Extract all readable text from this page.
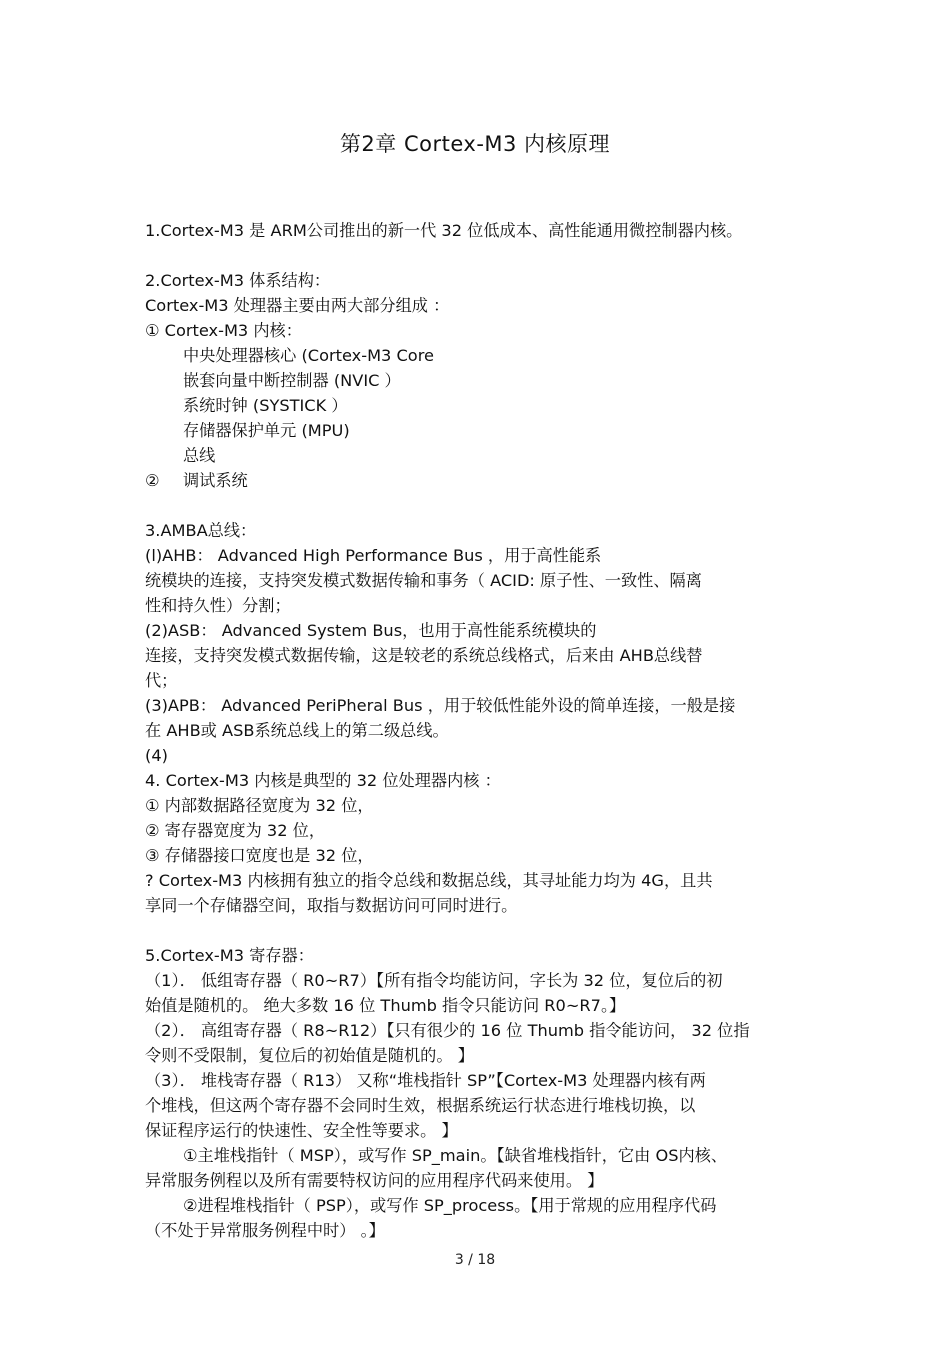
第2章 Cortex-M3 内核原理

1.Cortex-M3 是 ARM公司推出的新一代 32 位低成本、高性能通用微控制器内核。

2.Cortex-M3 体系结构：

Cortex-M3 处理器主要由两大部分组成 ：

① Cortex-M3 内核：

中央处理器核心 (Cortex-M3 Core

嵌套向量中断控制器 (NVIC ）

系统时钟 (SYSTICK ）

存储器保护单元 (MPU)

总线

② 调试系统

3.AMBA总线：

(l)AHB： Advanced High Performance Bus ，用于高性能系

统模块的连接，支持突发模式数据传输和事务（ ACID: 原子性、一致性、隔离

性和持久性）分割；

(2)ASB： Advanced System Bus，也用于高性能系统模块的

连接，支持突发模式数据传输，这是较老的系统总线格式，后来由 AHB总线替

代；

(3)APB： Advanced PeriPheral Bus ，用于较低性能外设的简单连接，一般是接

在 AHB或 ASB系统总线上的第二级总线。

(4)

4. Cortex-M3 内核是典型的 32 位处理器内核 ：

① 内部数据路径宽度为 32 位，

② 寄存器宽度为 32 位，

③ 存储器接口宽度也是 32 位，

? Cortex-M3 内核拥有独立的指令总线和数据总线，其寻址能力均为 4G，且共

享同一个存储器空间，取指与数据访问可同时进行。

5.Cortex-M3 寄存器：

（1）． 低组寄存器（ R0~R7）【所有指令均能访问，字长为 32 位，复位后的初

始值是随机的。 绝大多数 16 位 Thumb 指令只能访问 R0~R7。】

（2）． 高组寄存器（ R8~R12）【只有很少的 16 位 Thumb 指令能访问， 32 位指

令则不受限制，复位后的初始值是随机的。 】

（3）． 堆栈寄存器（ R13） 又称“堆栈指针 SP”【Cortex-M3 处理器内核有两

个堆栈，但这两个寄存器不会同时生效，根据系统运行状态进行堆栈切换，以

保证程序运行的快速性、安全性等要求。 】

①主堆栈指针（ MSP），或写作 SP_main。【缺省堆栈指针，它由 OS内核、

异常服务例程以及所有需要特权访问的应用程序代码来使用。 】

②进程堆栈指针（ PSP），或写作 SP_process。【用于常规的应用程序代码

（不处于异常服务例程中时） 。】

3 / 18
